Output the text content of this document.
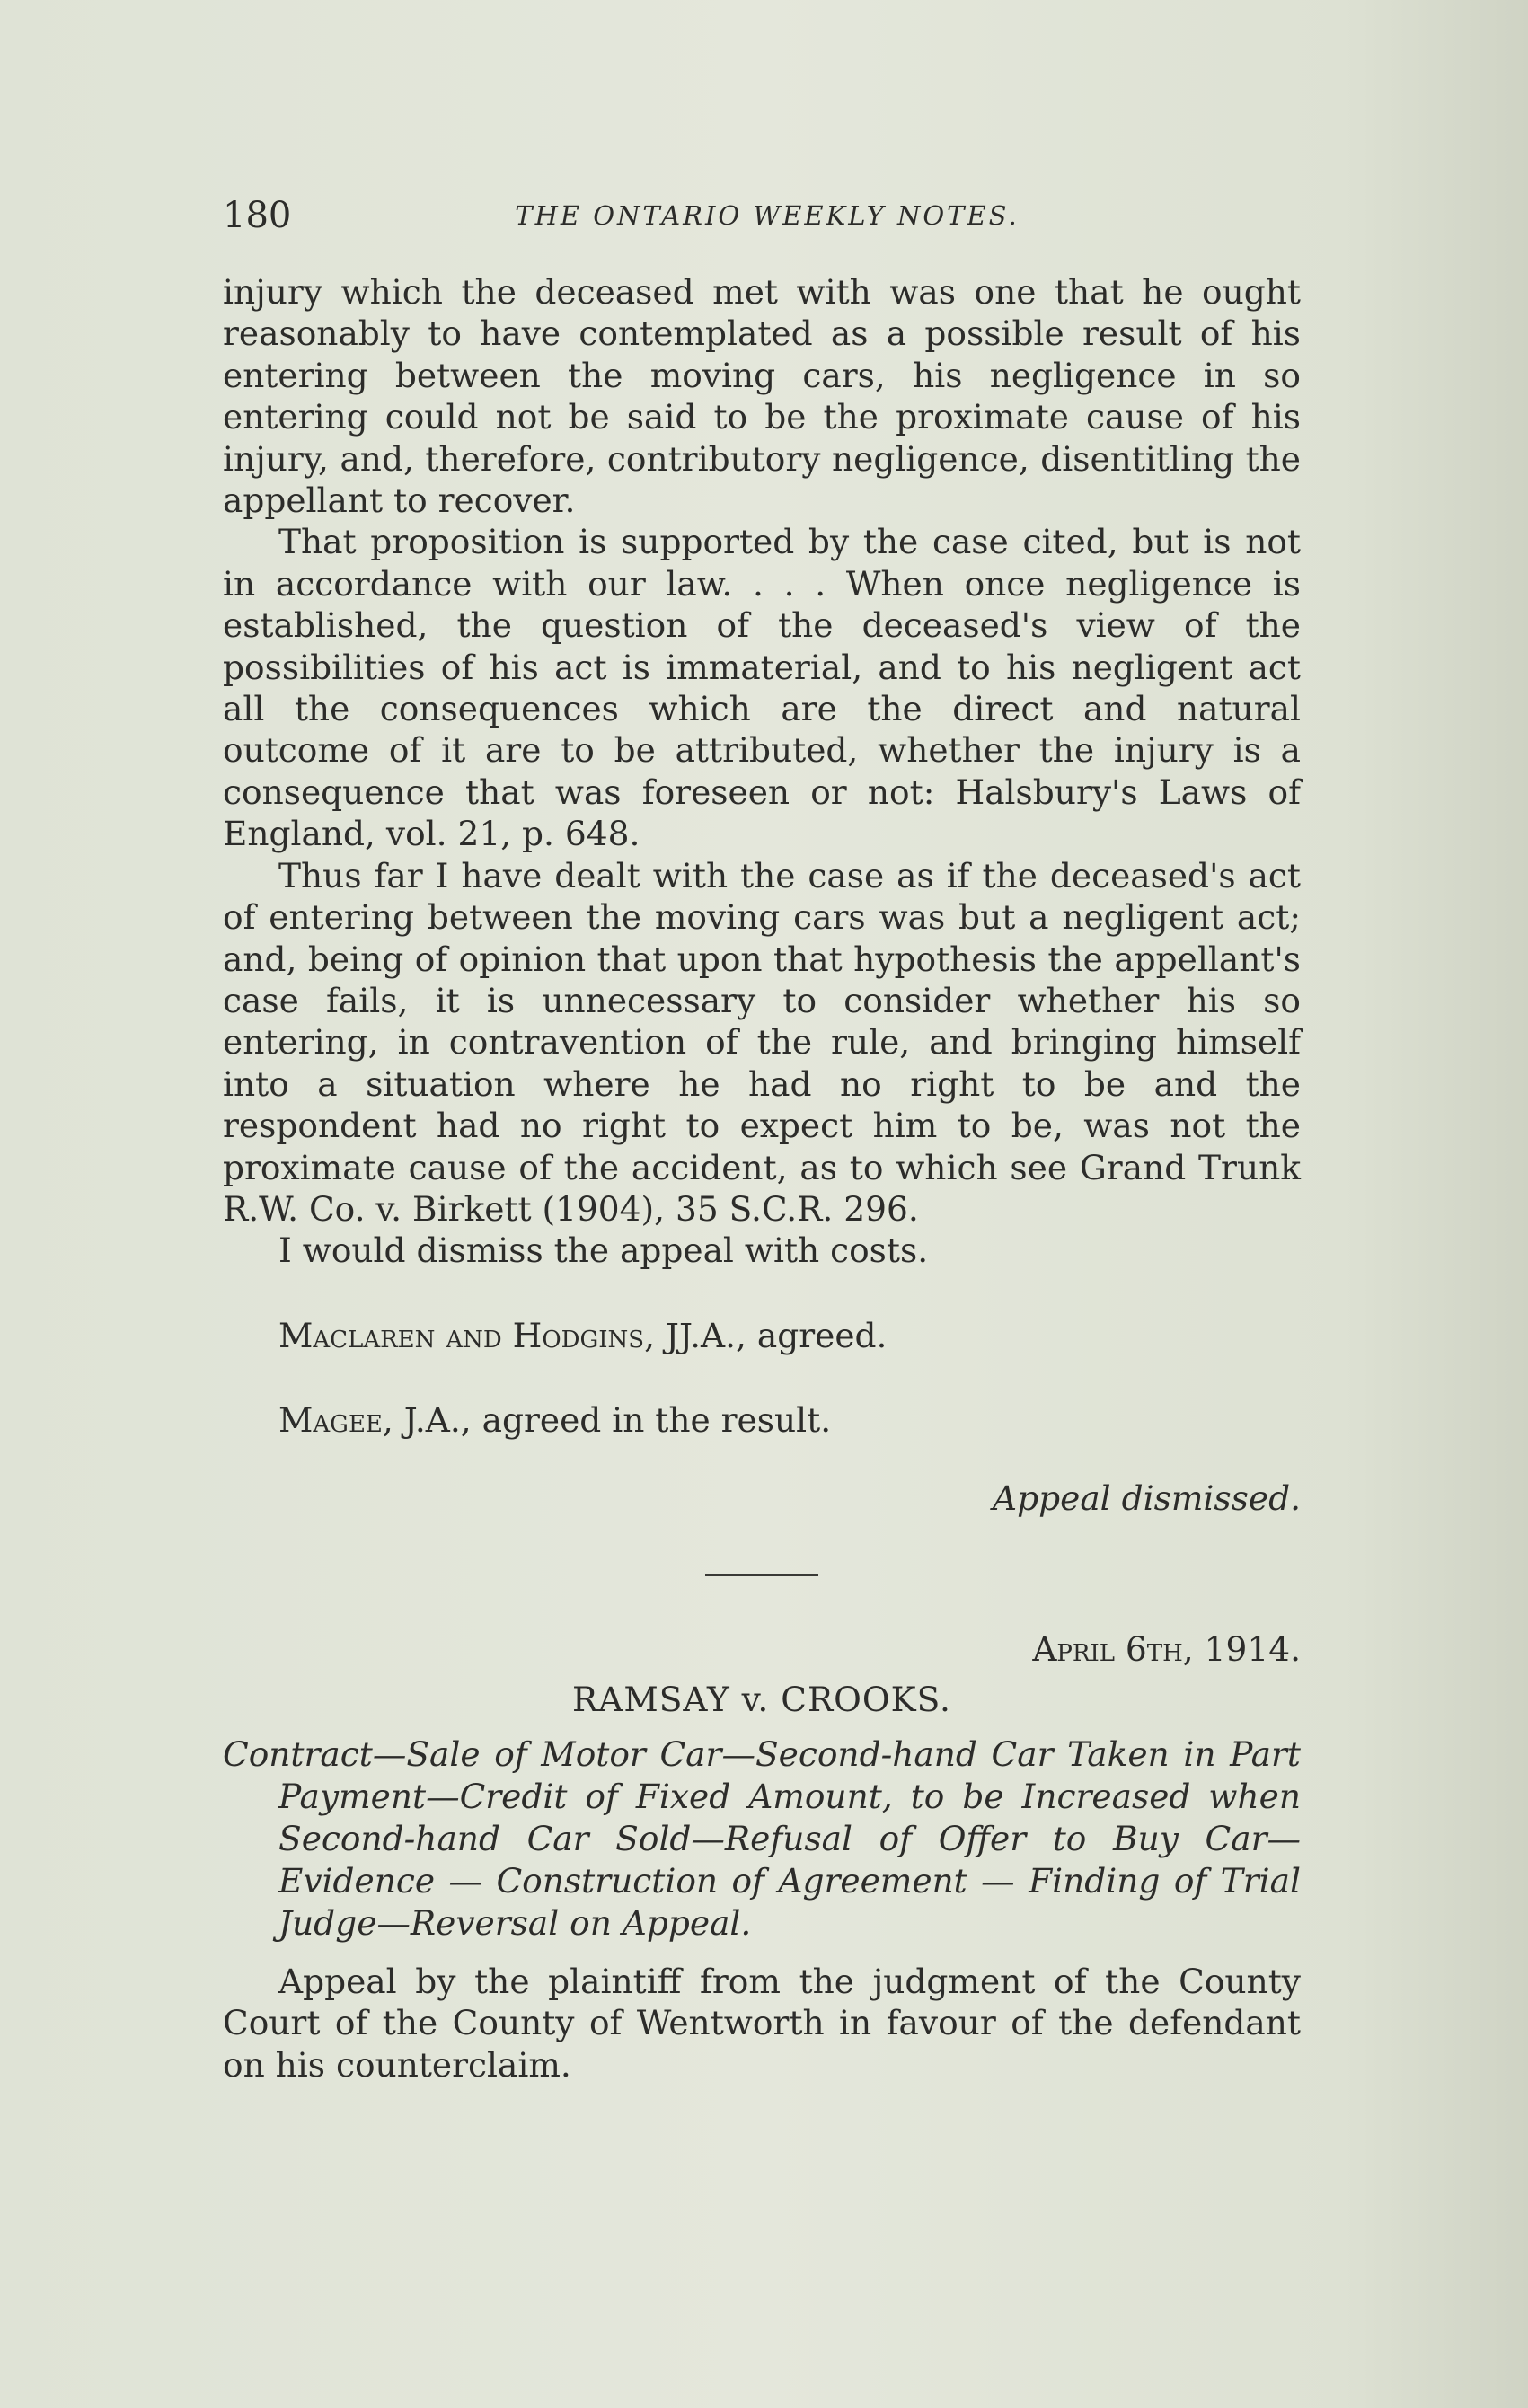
180	THE ONTARIO WEEKLY NOTES.

injury which the deceased met with was one that he ought reasonably to have contemplated as a possible result of his entering between the moving cars, his negligence in so entering could not be said to be the proximate cause of his injury, and, therefore, contributory negligence, disentitling the appellant to recover.

That proposition is supported by the case cited, but is not in accordance with our law. . . . When once negligence is established, the question of the deceased's view of the possibilities of his act is immaterial, and to his negligent act all the consequences which are the direct and natural outcome of it are to be attributed, whether the injury is a consequence that was foreseen or not: Halsbury's Laws of England, vol. 21, p. 648.

Thus far I have dealt with the case as if the deceased's act of entering between the moving cars was but a negligent act; and, being of opinion that upon that hypothesis the appellant's case fails, it is unnecessary to consider whether his so entering, in contravention of the rule, and bringing himself into a situation where he had no right to be and the respondent had no right to expect him to be, was not the proximate cause of the accident, as to which see Grand Trunk R.W. Co. v. Birkett (1904), 35 S.C.R. 296.

I would dismiss the appeal with costs.

Maclaren and Hodgins, JJ.A., agreed.

Magee, J.A., agreed in the result.

Appeal dismissed.

April 6th, 1914.

RAMSAY v. CROOKS.

Contract—Sale of Motor Car—Second-hand Car Taken in Part Payment—Credit of Fixed Amount, to be Increased when Second-hand Car Sold—Refusal of Offer to Buy Car—Evidence — Construction of Agreement — Finding of Trial Judge—Reversal on Appeal.

Appeal by the plaintiff from the judgment of the County Court of the County of Wentworth in favour of the defendant on his counterclaim.
